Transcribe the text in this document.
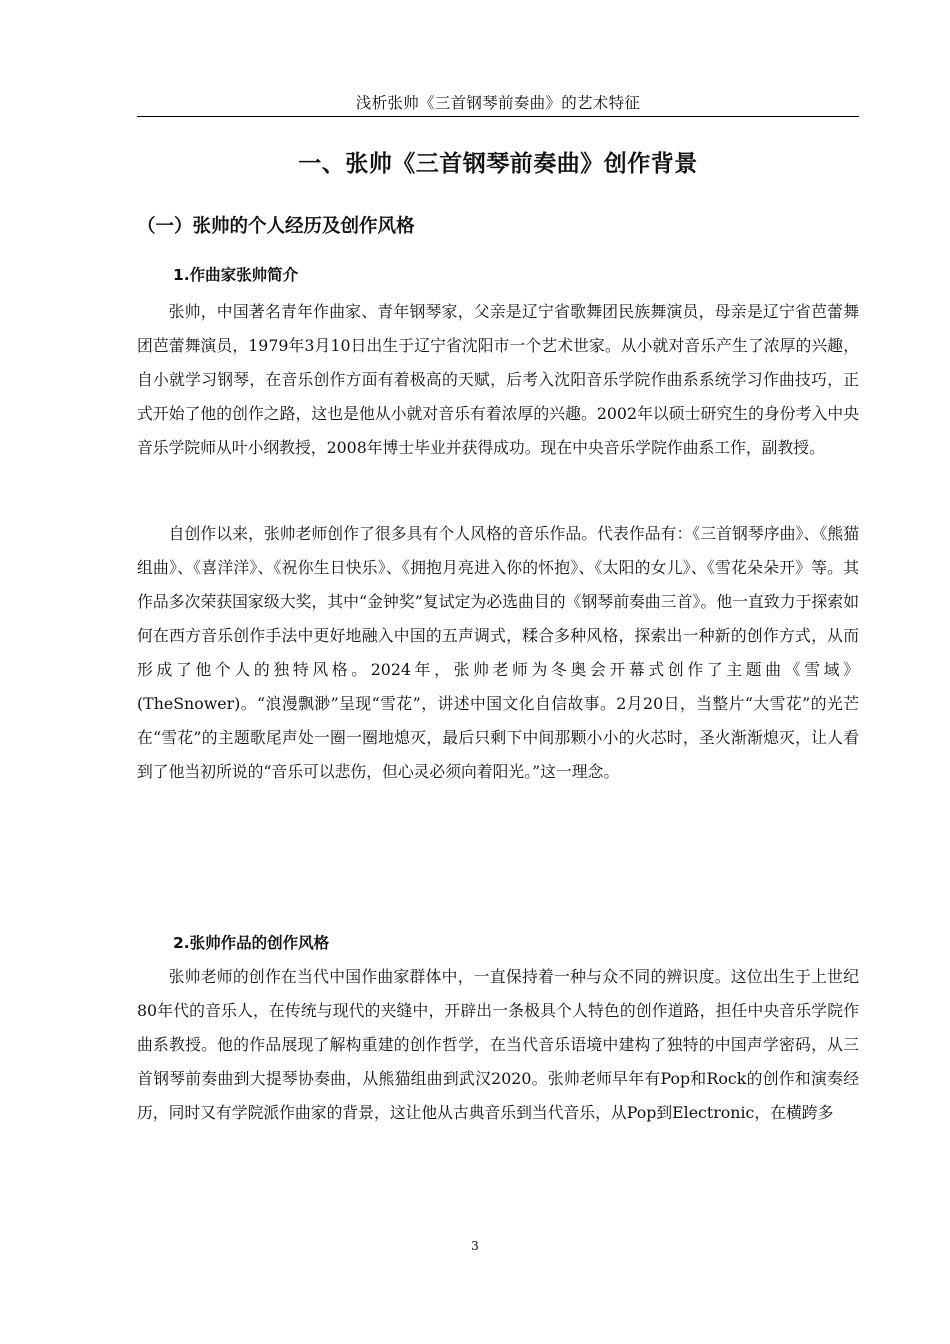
浅析张帅《三首钢琴前奏曲》的艺术特征
一、张帅《三首钢琴前奏曲》创作背景
（一）张帅的个人经历及创作风格
1.作曲家张帅简介

张帅，中国著名青年作曲家、青年钢琴家，父亲是辽宁省歌舞团民族舞演员，母亲是辽宁省芭蕾舞团芭蕾舞演员，1979年3月10日出生于辽宁省沈阳市一个艺术世家。从小就对音乐产生了浓厚的兴趣，自小就学习钢琴，在音乐创作方面有着极高的天赋，后考入沈阳音乐学院作曲系系统学习作曲技巧，正式开始了他的创作之路，这也是他从小就对音乐有着浓厚的兴趣。2002年以硕士研究生的身份考入中央音乐学院师从叶小纲教授，2008年博士毕业并获得成功。现在中央音乐学院作曲系工作，副教授。

自创作以来，张帅老师创作了很多具有个人风格的音乐作品。代表作品有：《三首钢琴序曲》、《熊猫组曲》、《喜洋洋》、《祝你生日快乐》、《拥抱月亮进入你的怀抱》、《太阳的女儿》、《雪花朵朵开》等。其作品多次荣获国家级大奖，其中“金钟奖”复试定为必选曲目的《钢琴前奏曲三首》。他一直致力于探索如何在西方音乐创作手法中更好地融入中国的五声调式，糅合多种风格，探索出一种新的创作方式，从而形成了他个人的独特风格。2024年，张帅老师为冬奥会开幕式创作了主题曲《雪域》(TheSnower)。“浪漫飘渺”呈现“雪花”，讲述中国文化自信故事。2月20日，当整片“大雪花”的光芒在“雪花”的主题歌尾声处一圈一圈地熄灭，最后只剩下中间那颗小小的火芯时，圣火渐渐熄灭，让人看到了他当初所说的“音乐可以悲伤，但心灵必须向着阳光。”这一理念。

2.张帅作品的创作风格

张帅老师的创作在当代中国作曲家群体中，一直保持着一种与众不同的辨识度。这位出生于上世纪80年代的音乐人，在传统与现代的夹缝中，开辟出一条极具个人特色的创作道路，担任中央音乐学院作曲系教授。他的作品展现了解构重建的创作哲学，在当代音乐语境中建构了独特的中国声学密码，从三首钢琴前奏曲到大提琴协奏曲，从熊猫组曲到武汉2020。张帅老师早年有Pop和Rock的创作和演奏经历，同时又有学院派作曲家的背景，这让他从古典音乐到当代音乐，从Pop到Electronic，在横跨多

3
